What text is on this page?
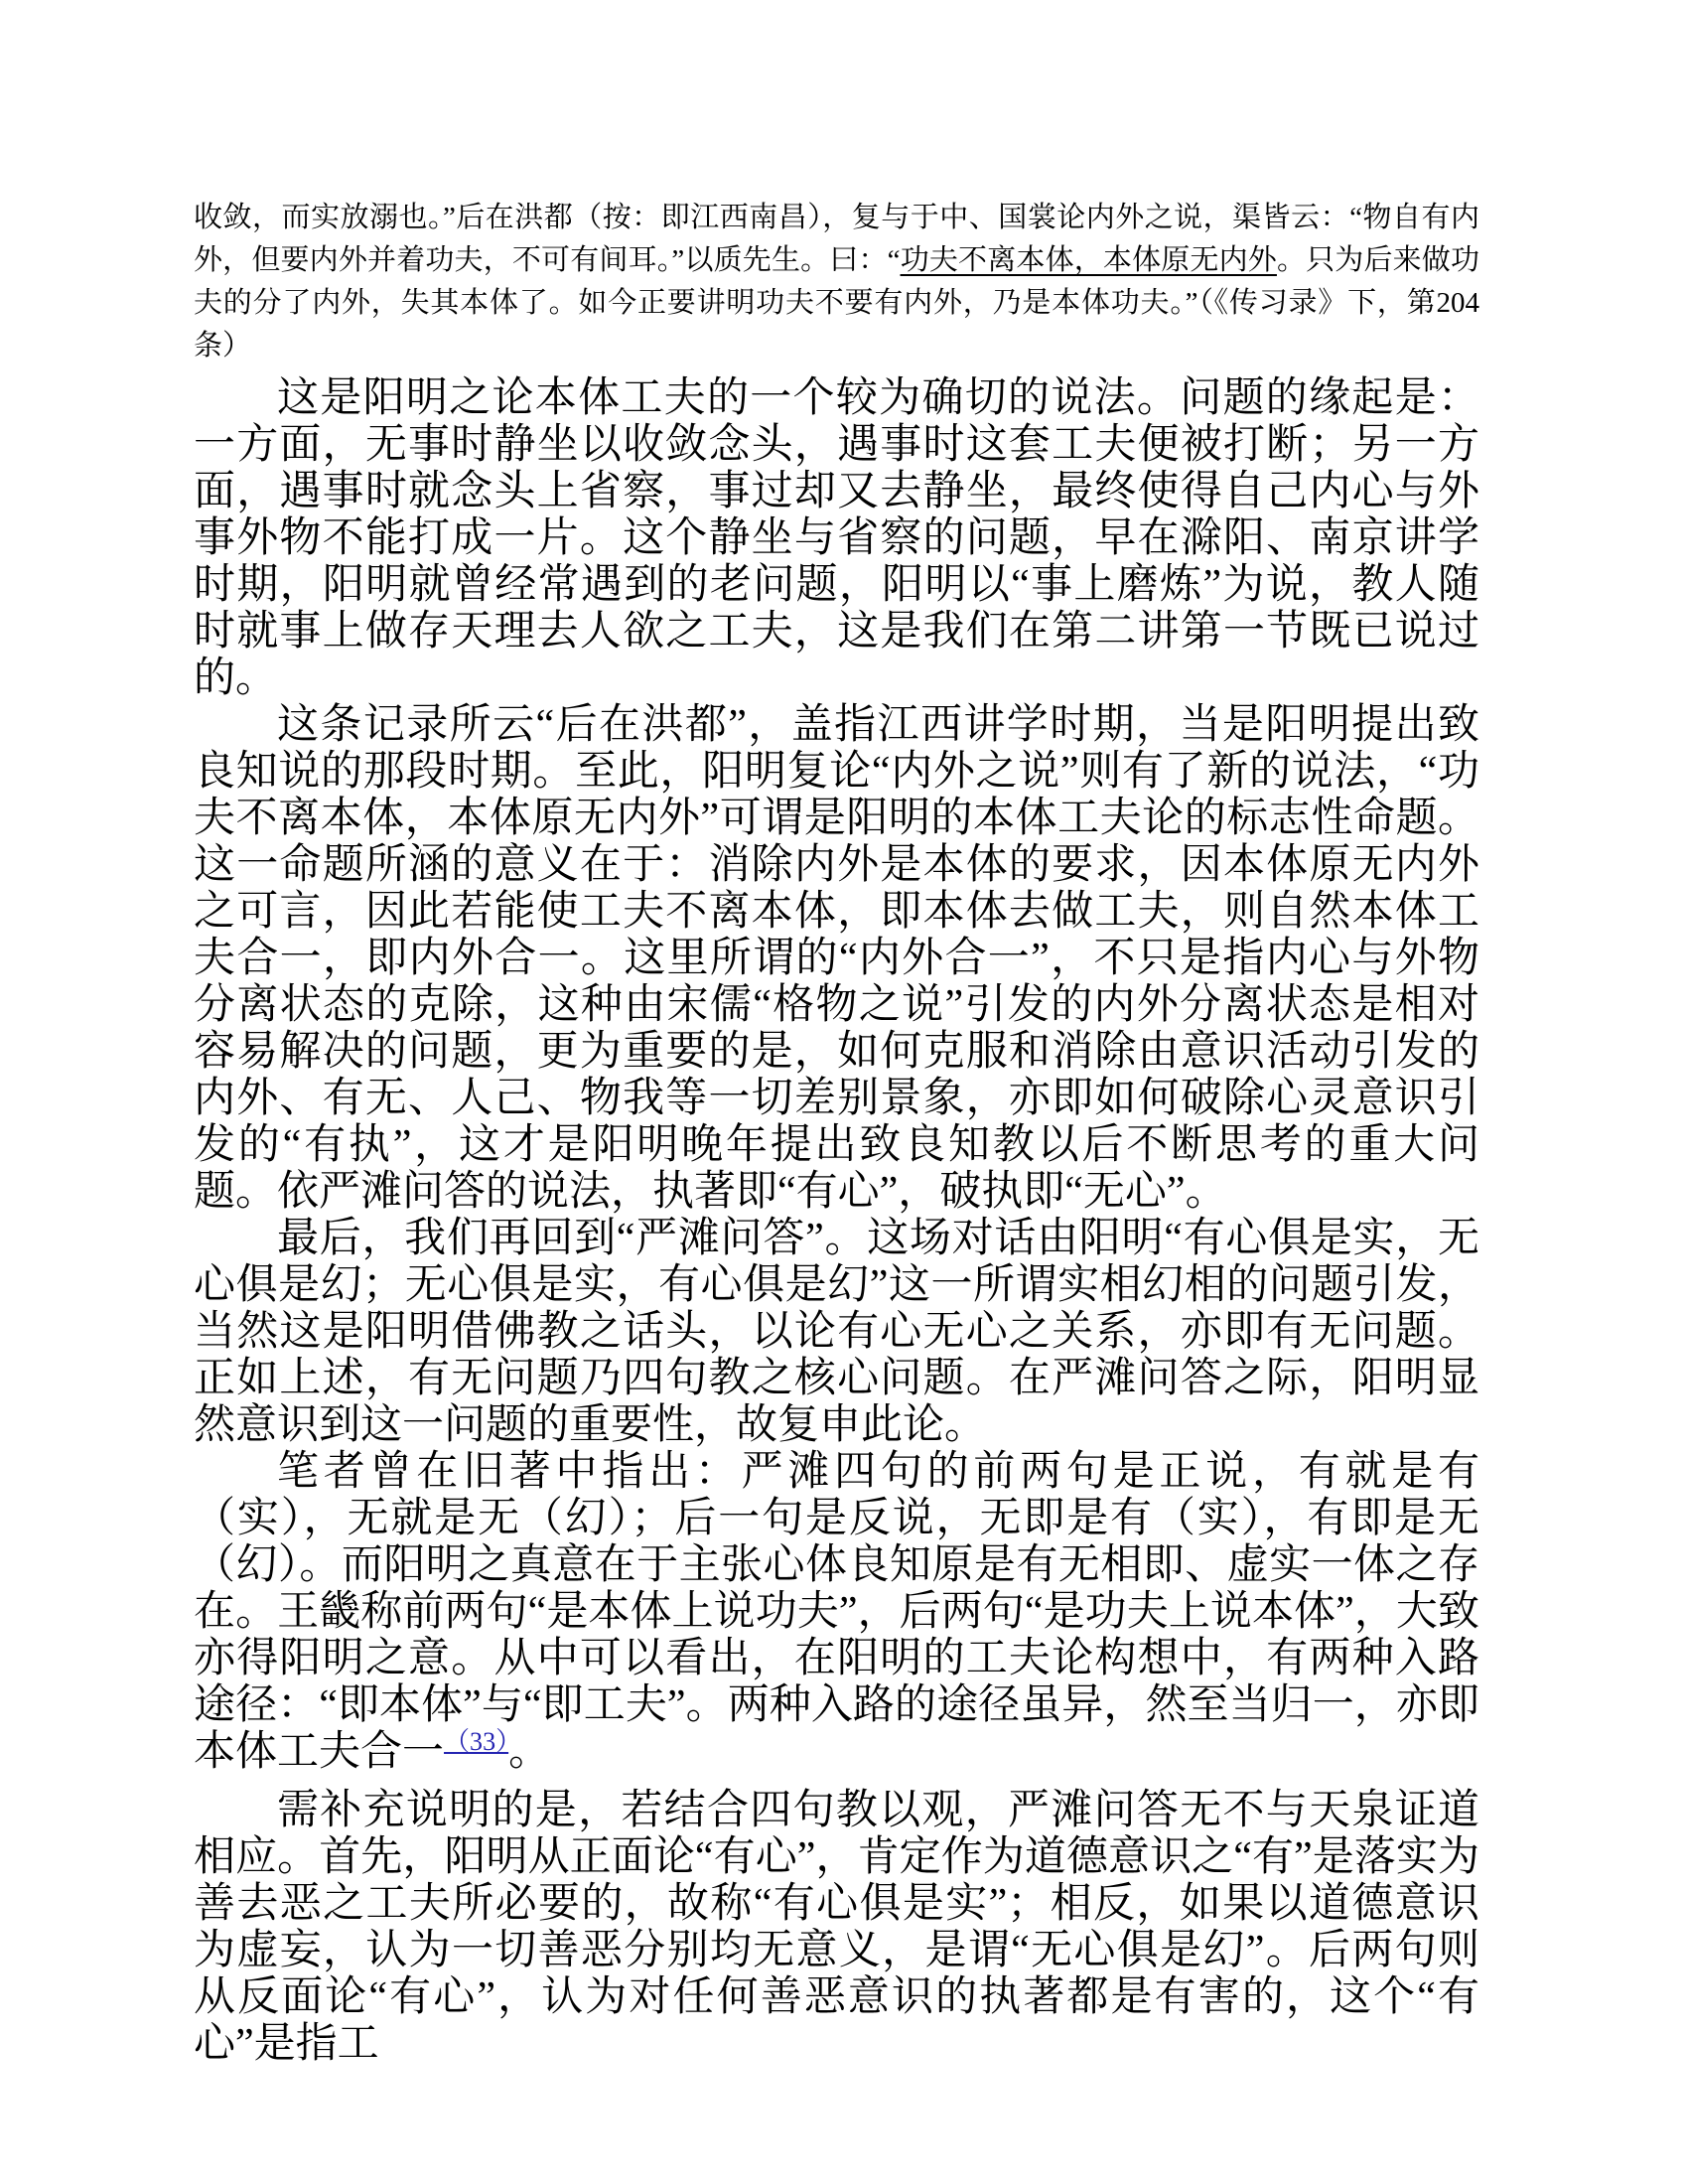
收敛，而实放溺也。”后在洪都（按：即江西南昌），复与于中、国裳论内外之说，渠皆云：“物自有内外，但要内外并着功夫，不可有间耳。”以质先生。曰：“功夫不离本体，本体原无内外。只为后来做功夫的分了内外，失其本体了。如今正要讲明功夫不要有内外，乃是本体功夫。”（《传习录》下，第204条）

这是阳明之论本体工夫的一个较为确切的说法。问题的缘起是：一方面，无事时静坐以收敛念头，遇事时这套工夫便被打断；另一方面，遇事时就念头上省察，事过却又去静坐，最终使得自己内心与外事外物不能打成一片。这个静坐与省察的问题，早在滁阳、南京讲学时期，阳明就曾经常遇到的老问题，阳明以“事上磨炼”为说，教人随时就事上做存天理去人欲之工夫，这是我们在第二讲第一节既已说过的。

这条记录所云“后在洪都”，盖指江西讲学时期，当是阳明提出致良知说的那段时期。至此，阳明复论“内外之说”则有了新的说法，“功夫不离本体，本体原无内外”可谓是阳明的本体工夫论的标志性命题。这一命题所涵的意义在于：消除内外是本体的要求，因本体原无内外之可言，因此若能使工夫不离本体，即本体去做工夫，则自然本体工夫合一，即内外合一。这里所谓的“内外合一”，不只是指内心与外物分离状态的克除，这种由宋儒“格物之说”引发的内外分离状态是相对容易解决的问题，更为重要的是，如何克服和消除由意识活动引发的内外、有无、人己、物我等一切差别景象，亦即如何破除心灵意识引发的“有执”，这才是阳明晚年提出致良知教以后不断思考的重大问题。依严滩问答的说法，执著即“有心”，破执即“无心”。

最后，我们再回到“严滩问答”。这场对话由阳明“有心俱是实，无心俱是幻；无心俱是实，有心俱是幻”这一所谓实相幻相的问题引发，当然这是阳明借佛教之话头，以论有心无心之关系，亦即有无问题。正如上述，有无问题乃四句教之核心问题。在严滩问答之际，阳明显然意识到这一问题的重要性，故复申此论。

笔者曾在旧著中指出：严滩四句的前两句是正说，有就是有（实），无就是无（幻）；后一句是反说，无即是有（实），有即是无（幻）。而阳明之真意在于主张心体良知原是有无相即、虚实一体之存在。王畿称前两句“是本体上说功夫”，后两句“是功夫上说本体”，大致亦得阳明之意。从中可以看出，在阳明的工夫论构想中，有两种入路途径：“即本体”与“即工夫”。两种入路的途径虽异，然至当归一，亦即本体工夫合一$^{(33)}$。

需补充说明的是，若结合四句教以观，严滩问答无不与天泉证道相应。首先，阳明从正面论“有心”，肯定作为道德意识之“有”是落实为善去恶之工夫所必要的，故称“有心俱是实”；相反，如果以道德意识为虚妄，认为一切善恶分别均无意义，是谓“无心俱是幻”。后两句则从反面论“有心”，认为对任何善恶意识的执著都是有害的，这个“有心”是指工
